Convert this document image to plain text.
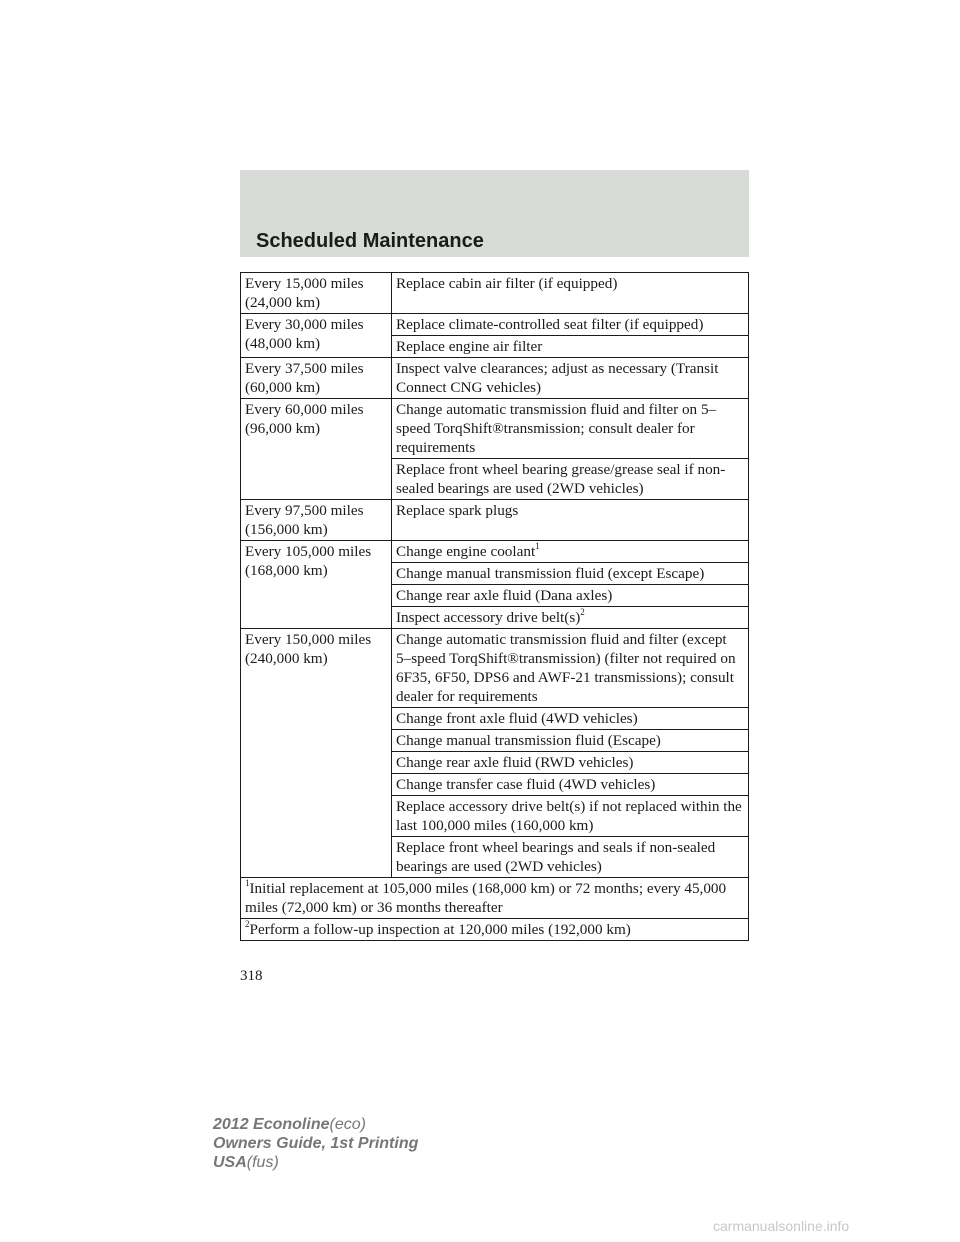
Scheduled Maintenance
Every 15,000 miles (24,000 km)	Replace cabin air filter (if equipped)
Every 30,000 miles (48,000 km)	Replace climate-controlled seat filter (if equipped)
	Replace engine air filter
Every 37,500 miles (60,000 km)	Inspect valve clearances; adjust as necessary (Transit Connect CNG vehicles)
Every 60,000 miles (96,000 km)	Change automatic transmission fluid and filter on 5–speed TorqShift®transmission; consult dealer for requirements
	Replace front wheel bearing grease/grease seal if non-sealed bearings are used (2WD vehicles)
Every 97,500 miles (156,000 km)	Replace spark plugs
Every 105,000 miles (168,000 km)	Change engine coolant$^1$
	Change manual transmission fluid (except Escape)
	Change rear axle fluid (Dana axles)
	Inspect accessory drive $belt(s)^2$
Every 150,000 miles (240,000 km)	Change automatic transmission fluid and filter (except 5–speed TorqShift®transmission) (filter not required on 6F35, 6F50, DPS6 and AWF-21 transmissions); consult dealer for requirements
	Change front axle fluid (4WD vehicles)
	Change manual transmission fluid (Escape)
	Change rear axle fluid (RWD vehicles)
	Change transfer case fluid (4WD vehicles)
	Replace accessory drive belt(s) if not replaced within the last 100,000 miles (160,000 km)
	Replace front wheel bearings and seals if non-sealed bearings are used (2WD vehicles)
$^1$Initial replacement at 105,000 miles (168,000 km) or 72 months; every 45,000 miles (72,000 km) or 36 months thereafter	
$^2$Perform a follow-up inspection at 120,000 miles (192,000 km)	
318
2012 Econoline(eco)
Owners Guide, 1st Printing
USA(fus)
carmanualsonline.info
